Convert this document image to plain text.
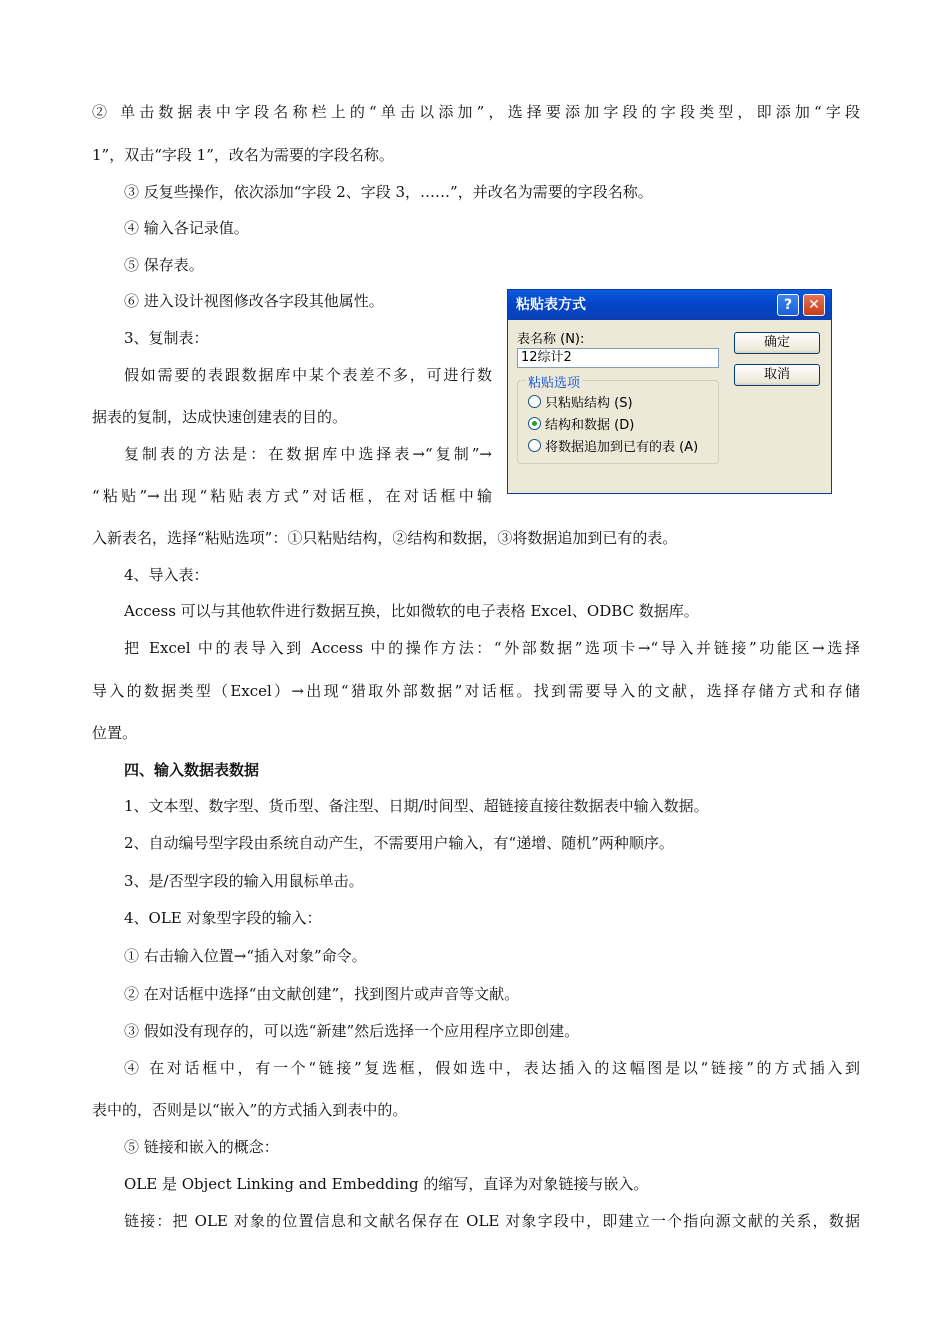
② 单击数据表中字段名称栏上的“单击以添加”，选择要添加字段的字段类型，即添加“字段
1”，双击“字段 1”，改名为需要的字段名称。
③ 反复些操作，依次添加“字段 2、字段 3，……”，并改名为需要的字段名称。
④ 输入各记录值。
⑤ 保存表。
⑥ 进入设计视图修改各字段其他属性。
3、复制表：
假如需要的表跟数据库中某个表差不多，可进行数
据表的复制，达成快速创建表的目的。
复制表的方法是：在数据库中选择表→“复制”→
“粘贴”→出现“粘贴表方式”对话框，在对话框中输
入新表名，选择“粘贴选项”：①只粘贴结构，②结构和数据，③将数据追加到已有的表。
4、导入表：
Access 可以与其他软件进行数据互换，比如微软的电子表格 Excel、ODBC 数据库。
把 Excel 中的表导入到 Access 中的操作方法：“外部数据”选项卡→“导入并链接”功能区→选择
导入的数据类型（Excel）→出现“猎取外部数据”对话框。找到需要导入的文献，选择存储方式和存储
位置。
四、输入数据表数据
1、文本型、数字型、货币型、备注型、日期/时间型、超链接直接往数据表中输入数据。
2、自动编号型字段由系统自动产生，不需要用户输入，有“递增、随机”两种顺序。
3、是/否型字段的输入用鼠标单击。
4、OLE 对象型字段的输入：
① 右击输入位置→“插入对象”命令。
② 在对话框中选择“由文献创建”，找到图片或声音等文献。
③ 假如没有现存的，可以选“新建”然后选择一个应用程序立即创建。
④ 在对话框中，有一个“链接”复选框，假如选中，表达插入的这幅图是以“链接”的方式插入到
表中的，否则是以“嵌入”的方式插入到表中的。
⑤ 链接和嵌入的概念：
OLE 是 Object Linking and Embedding 的缩写，直译为对象链接与嵌入。
链接：把 OLE 对象的位置信息和文献名保存在 OLE 对象字段中，即建立一个指向源文献的关系，数据
粘贴表方式	?	✕
表名称 (N):
12综计2
确定
取消
粘贴选项
只粘贴结构 (S)
结构和数据 (D)
将数据追加到已有的表 (A)
